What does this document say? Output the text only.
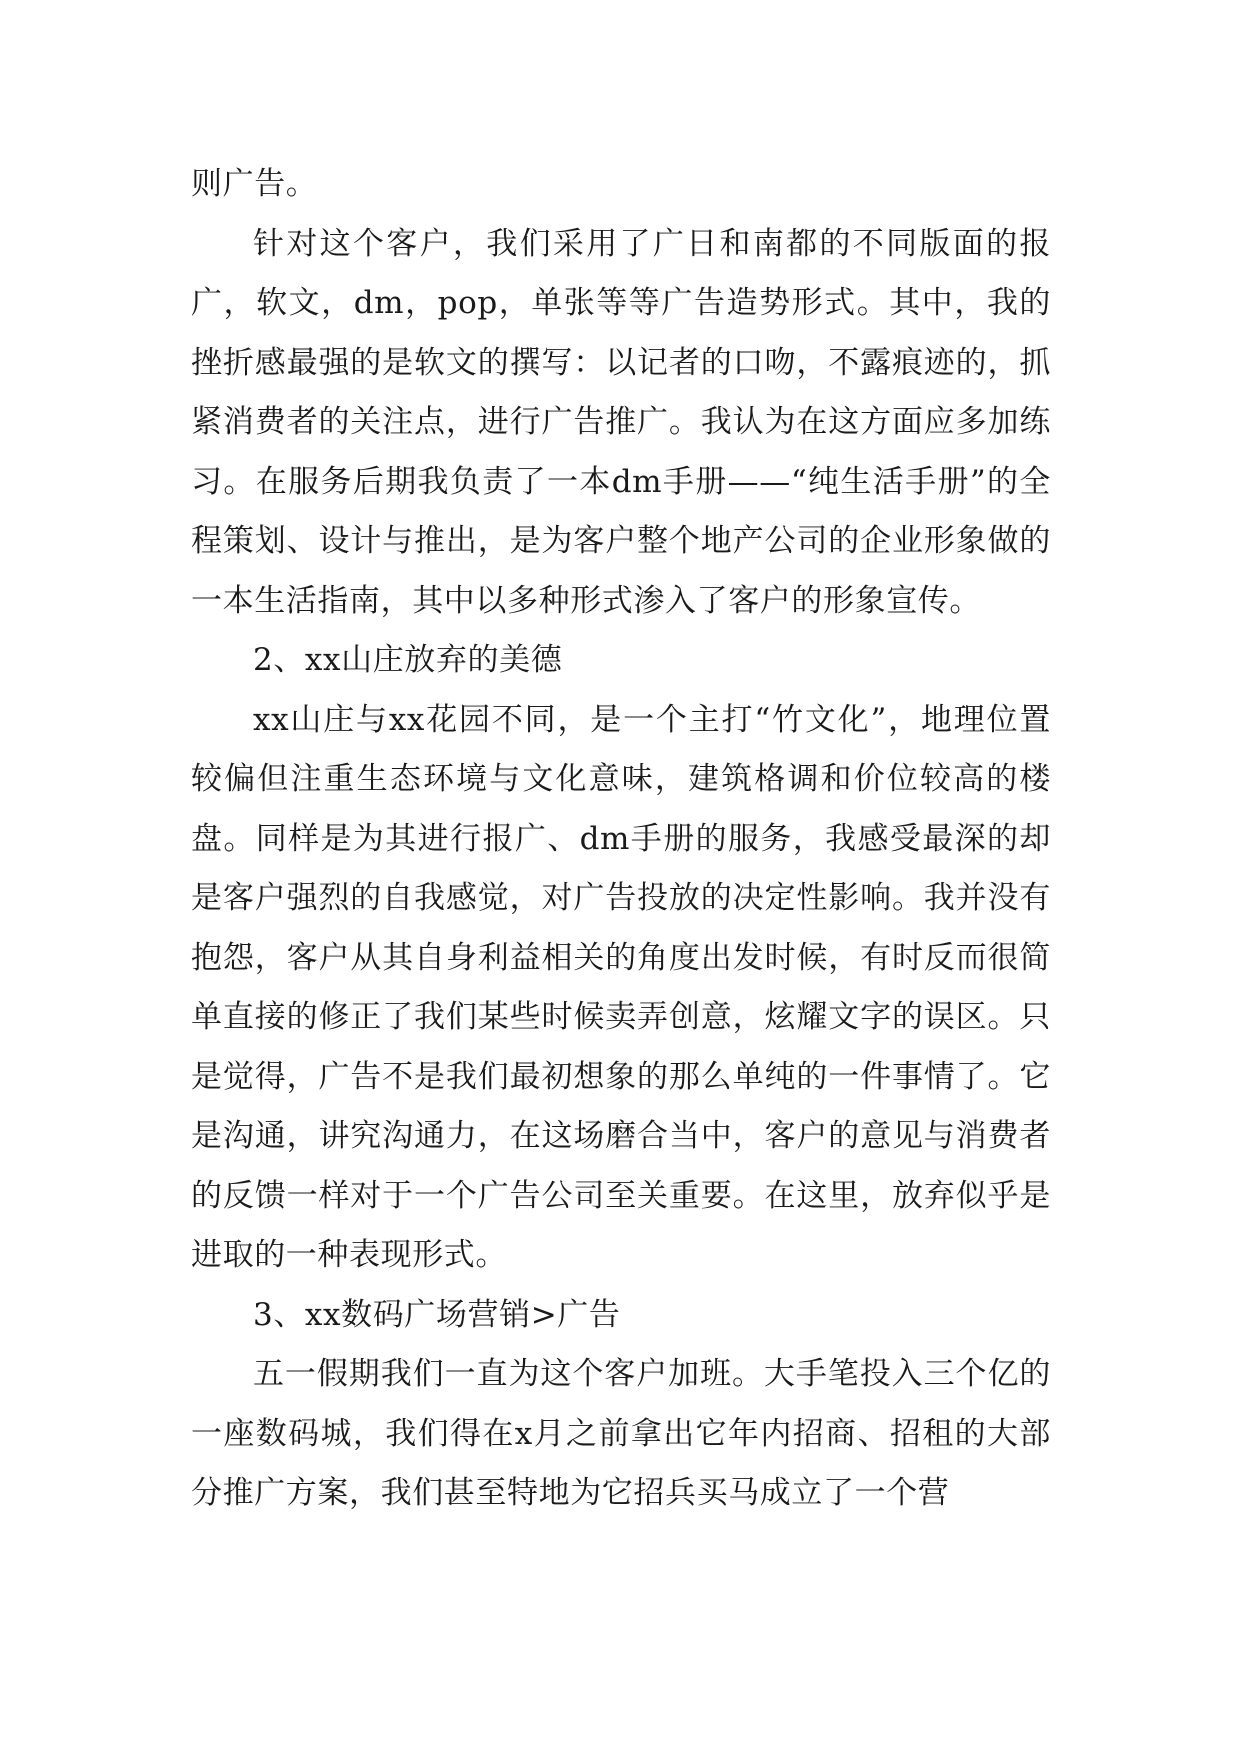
则广告。

针对这个客户，我们采用了广日和南都的不同版面的报广，软文，dm，pop，单张等等广告造势形式。其中，我的挫折感最强的是软文的撰写：以记者的口吻，不露痕迹的，抓紧消费者的关注点，进行广告推广。我认为在这方面应多加练习。在服务后期我负责了一本dm手册——“纯生活手册”的全程策划、设计与推出，是为客户整个地产公司的企业形象做的一本生活指南，其中以多种形式渗入了客户的形象宣传。

2、xx山庄放弃的美德

xx山庄与xx花园不同，是一个主打“竹文化”，地理位置较偏但注重生态环境与文化意味，建筑格调和价位较高的楼盘。同样是为其进行报广、dm手册的服务，我感受最深的却是客户强烈的自我感觉，对广告投放的决定性影响。我并没有抱怨，客户从其自身利益相关的角度出发时候，有时反而很简单直接的修正了我们某些时候卖弄创意，炫耀文字的误区。只是觉得，广告不是我们最初想象的那么单纯的一件事情了。它是沟通，讲究沟通力，在这场磨合当中，客户的意见与消费者的反馈一样对于一个广告公司至关重要。在这里，放弃似乎是进取的一种表现形式。

3、xx数码广场营销>广告

五一假期我们一直为这个客户加班。大手笔投入三个亿的一座数码城，我们得在x月之前拿出它年内招商、招租的大部分推广方案，我们甚至特地为它招兵买马成立了一个营
